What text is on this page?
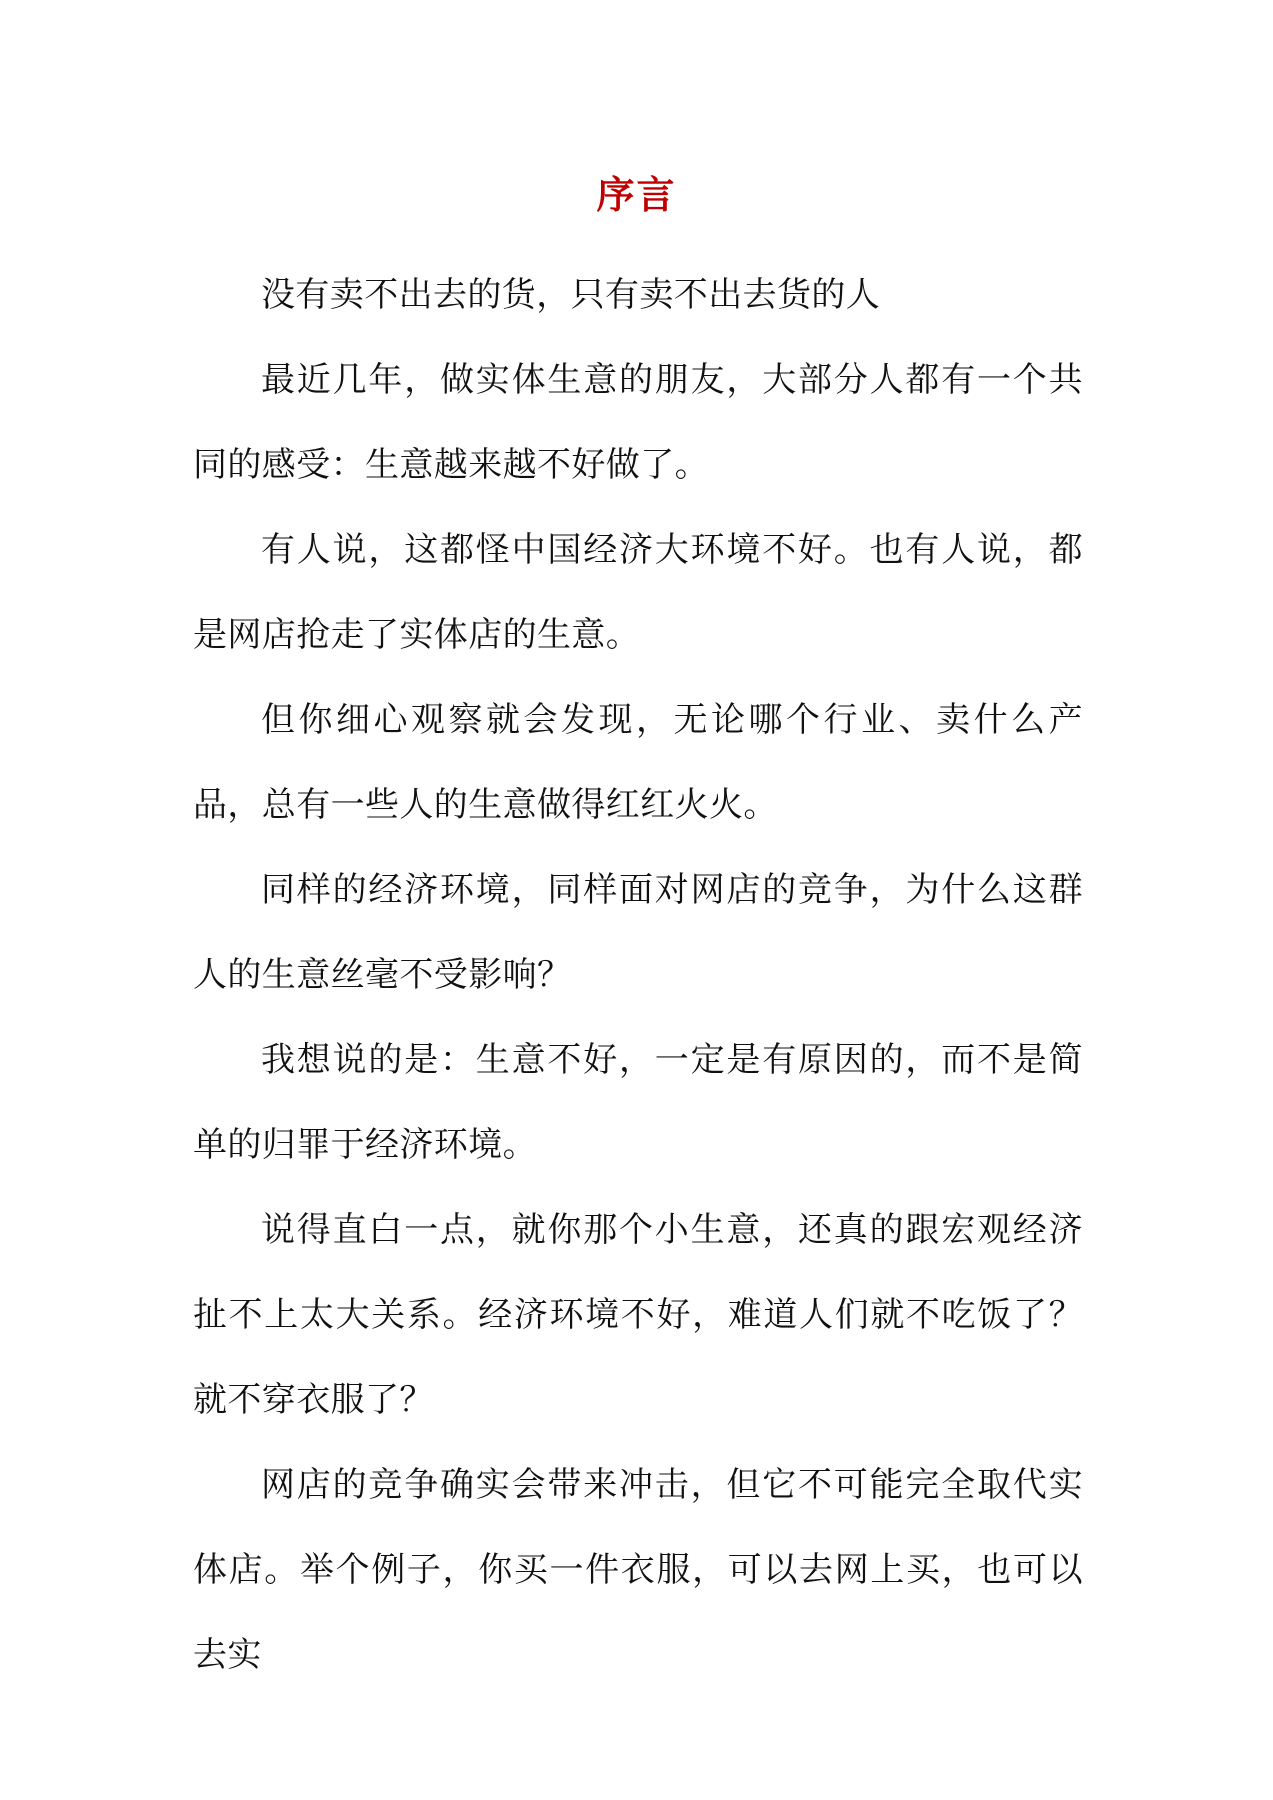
序言

没有卖不出去的货，只有卖不出去货的人

最近几年，做实体生意的朋友，大部分人都有一个共同的感受：生意越来越不好做了。

有人说，这都怪中国经济大环境不好。也有人说，都是网店抢走了实体店的生意。

但你细心观察就会发现，无论哪个行业、卖什么产品，总有一些人的生意做得红红火火。

同样的经济环境，同样面对网店的竞争，为什么这群人的生意丝毫不受影响？

我想说的是：生意不好，一定是有原因的，而不是简单的归罪于经济环境。

说得直白一点，就你那个小生意，还真的跟宏观经济扯不上太大关系。经济环境不好，难道人们就不吃饭了？就不穿衣服了？

网店的竞争确实会带来冲击，但它不可能完全取代实体店。举个例子，你买一件衣服，可以去网上买，也可以去实
